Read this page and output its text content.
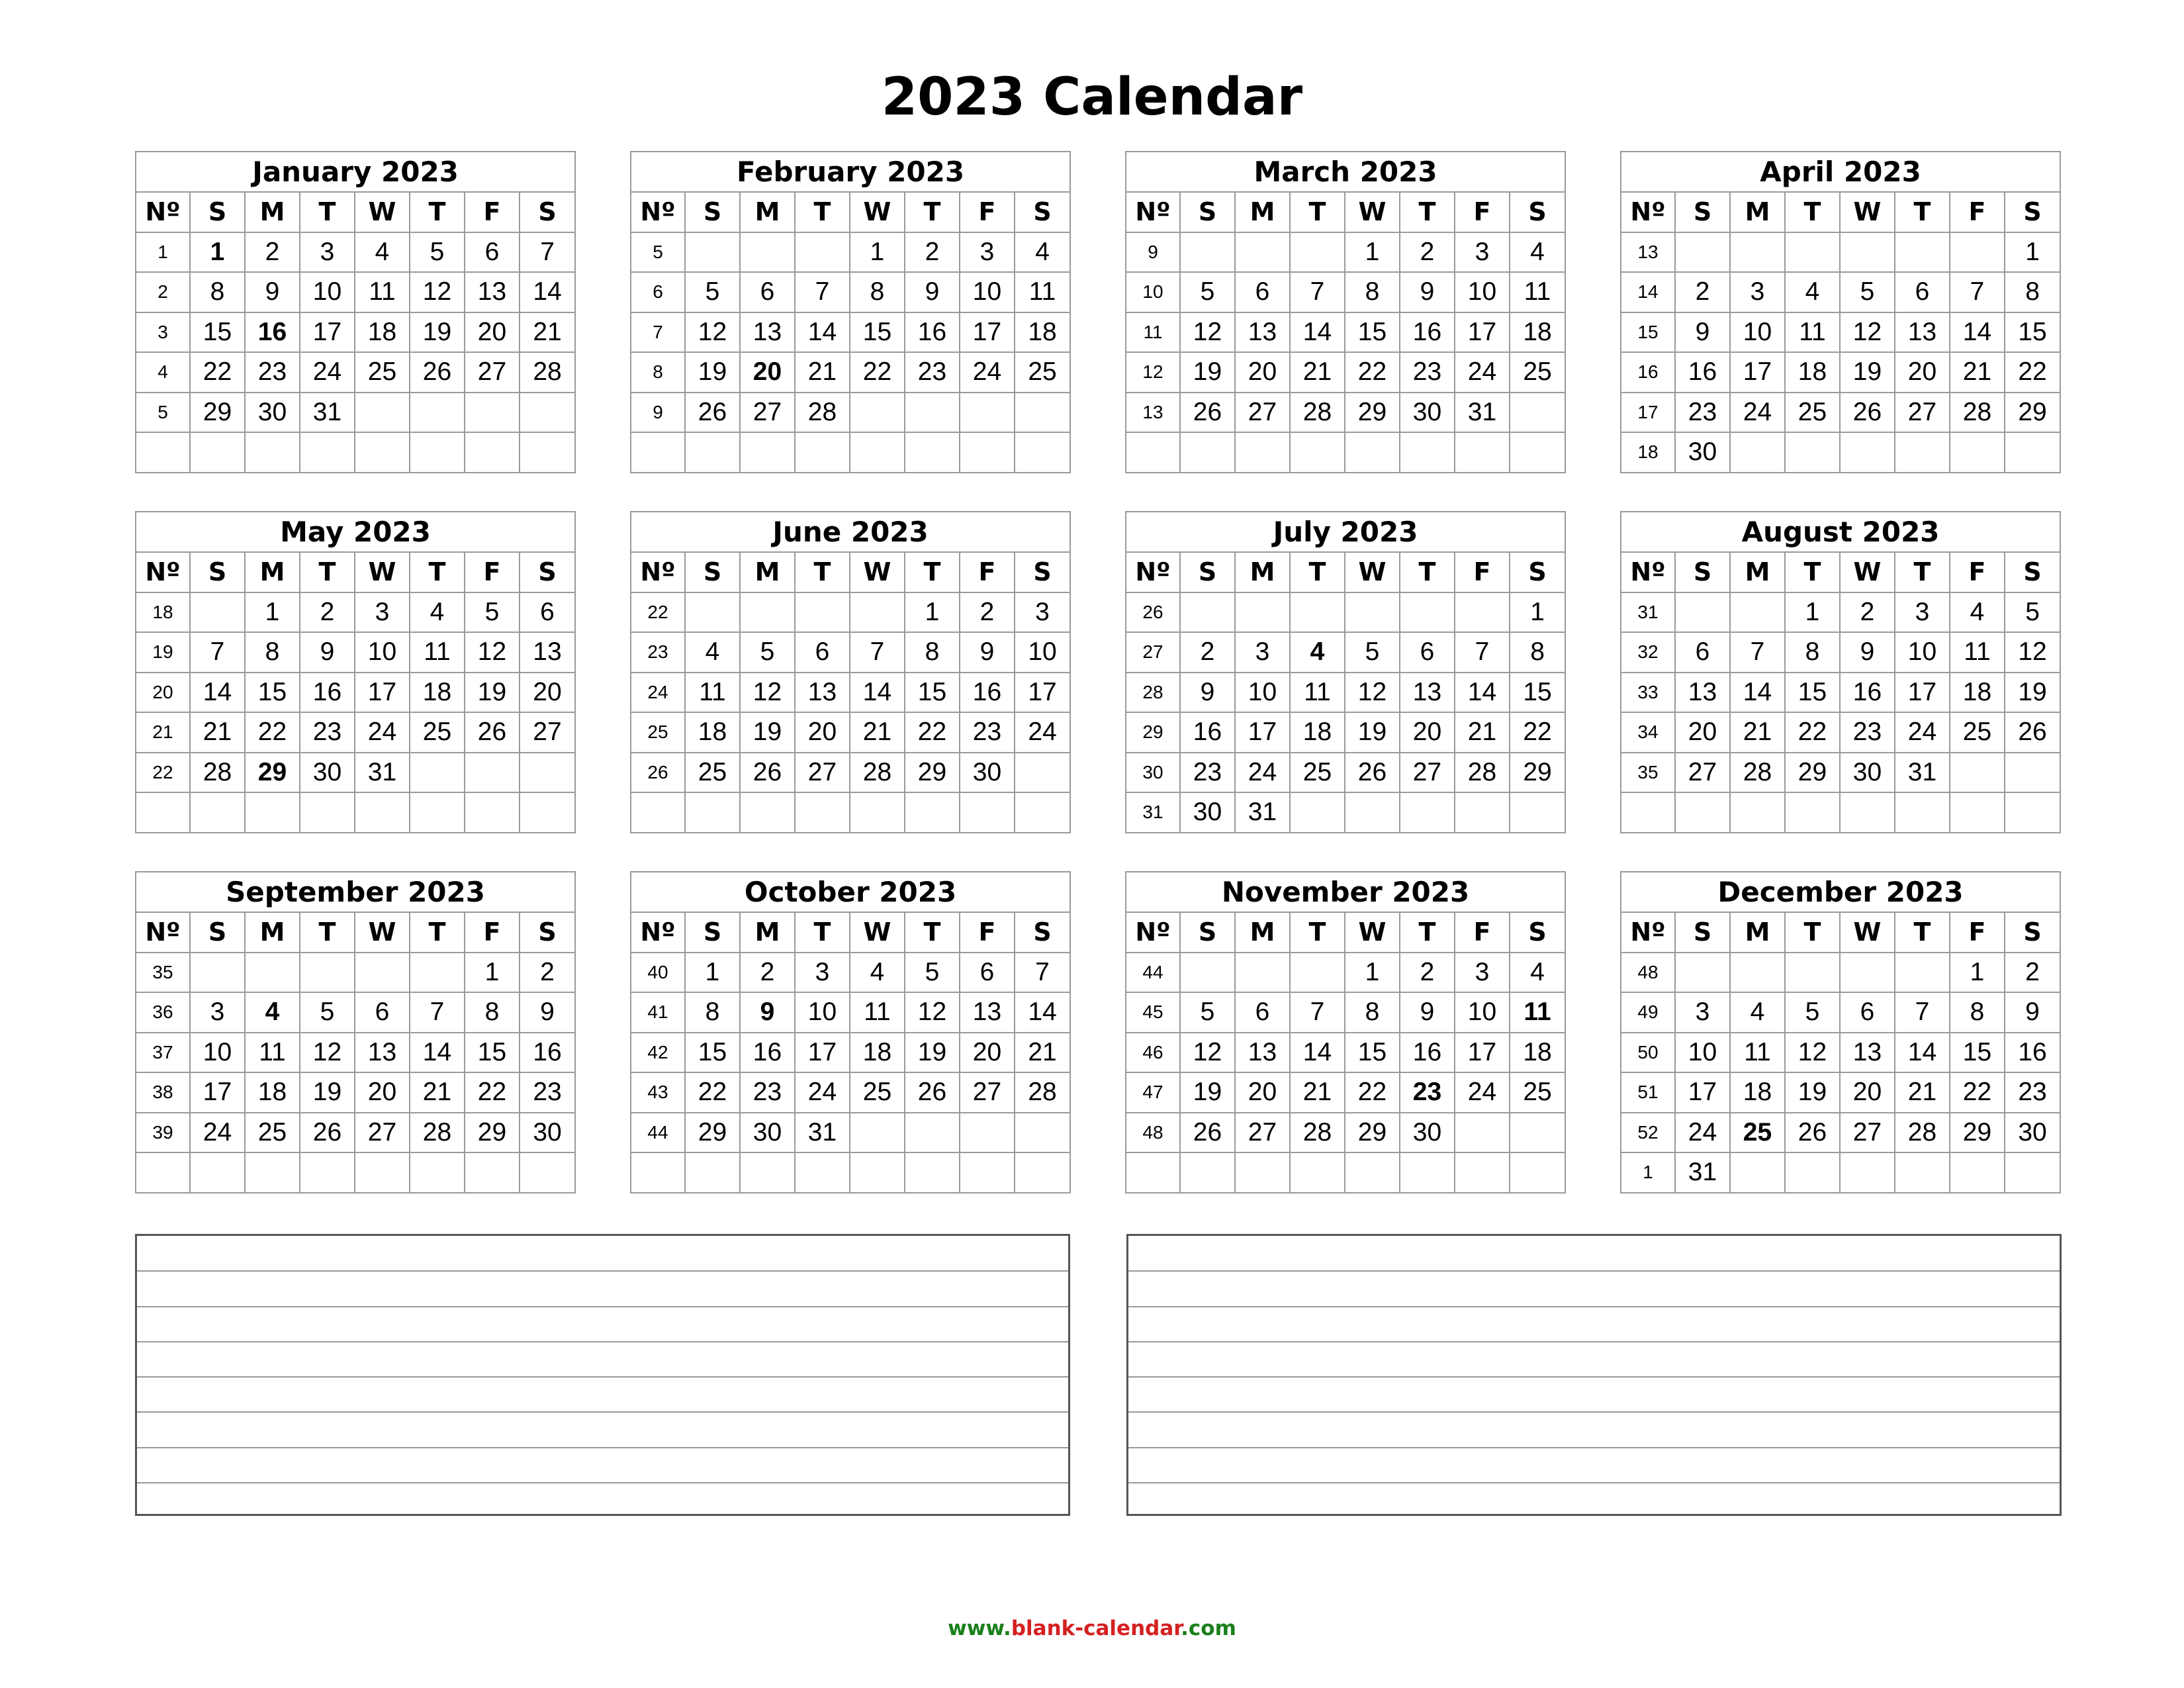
2023 Calendar
January 2023							
Nº	S	M	T	W	T	F	S
1	1	2	3	4	5	6	7
2	8	9	10	11	12	13	14
3	15	16	17	18	19	20	21
4	22	23	24	25	26	27	28
5	29	30	31				

February 2023							
Nº	S	M	T	W	T	F	S
5				1	2	3	4
6	5	6	7	8	9	10	11
7	12	13	14	15	16	17	18
8	19	20	21	22	23	24	25
9	26	27	28				

March 2023							
Nº	S	M	T	W	T	F	S
9				1	2	3	4
10	5	6	7	8	9	10	11
11	12	13	14	15	16	17	18
12	19	20	21	22	23	24	25
13	26	27	28	29	30	31	

April 2023							
Nº	S	M	T	W	T	F	S
13							1
14	2	3	4	5	6	7	8
15	9	10	11	12	13	14	15
16	16	17	18	19	20	21	22
17	23	24	25	26	27	28	29
18	30						
May 2023							
Nº	S	M	T	W	T	F	S
18		1	2	3	4	5	6
19	7	8	9	10	11	12	13
20	14	15	16	17	18	19	20
21	21	22	23	24	25	26	27
22	28	29	30	31			

June 2023							
Nº	S	M	T	W	T	F	S
22					1	2	3
23	4	5	6	7	8	9	10
24	11	12	13	14	15	16	17
25	18	19	20	21	22	23	24
26	25	26	27	28	29	30	

July 2023							
Nº	S	M	T	W	T	F	S
26							1
27	2	3	4	5	6	7	8
28	9	10	11	12	13	14	15
29	16	17	18	19	20	21	22
30	23	24	25	26	27	28	29
31	30	31					
August 2023							
Nº	S	M	T	W	T	F	S
31			1	2	3	4	5
32	6	7	8	9	10	11	12
33	13	14	15	16	17	18	19
34	20	21	22	23	24	25	26
35	27	28	29	30	31		

September 2023							
Nº	S	M	T	W	T	F	S
35						1	2
36	3	4	5	6	7	8	9
37	10	11	12	13	14	15	16
38	17	18	19	20	21	22	23
39	24	25	26	27	28	29	30

October 2023							
Nº	S	M	T	W	T	F	S
40	1	2	3	4	5	6	7
41	8	9	10	11	12	13	14
42	15	16	17	18	19	20	21
43	22	23	24	25	26	27	28
44	29	30	31				

November 2023							
Nº	S	M	T	W	T	F	S
44				1	2	3	4
45	5	6	7	8	9	10	11
46	12	13	14	15	16	17	18
47	19	20	21	22	23	24	25
48	26	27	28	29	30		

December 2023							
Nº	S	M	T	W	T	F	S
48						1	2
49	3	4	5	6	7	8	9
50	10	11	12	13	14	15	16
51	17	18	19	20	21	22	23
52	24	25	26	27	28	29	30
1	31						
www.blank-calendar.com
